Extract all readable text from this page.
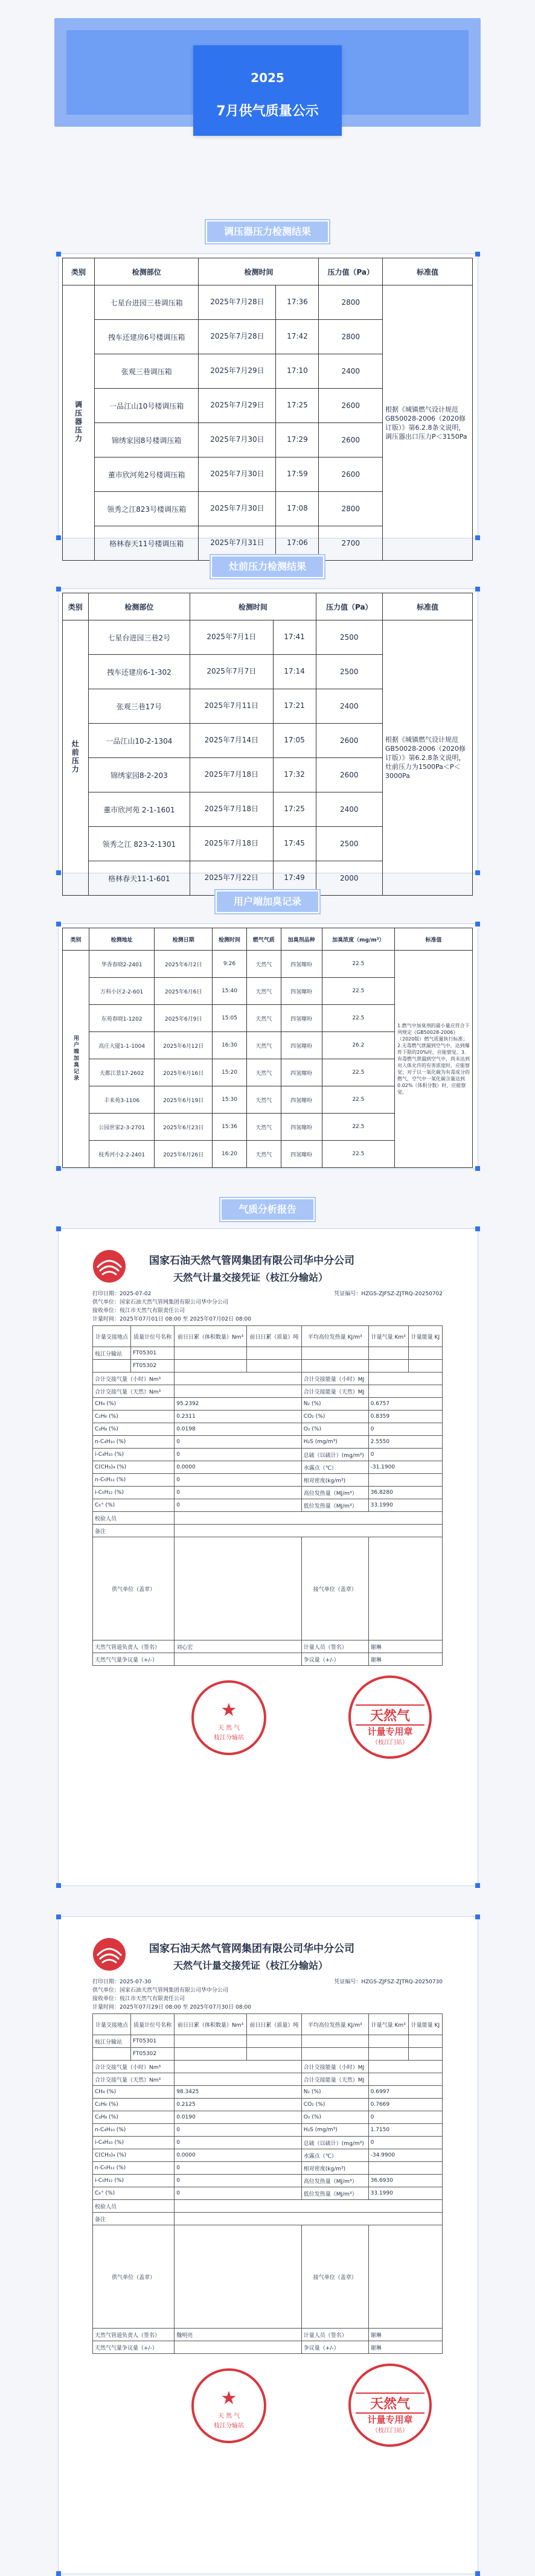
2025
7月供气质量公示
调压器压力检测结果
类别	检测部位	检测时间	压力值（Pa）	标准值
调压器压力	七星台进园三巷调压箱	2025年7月28日 17:36	2800	根据《城镇燃气设计规范GB50028-2006（2020修订版）》第6.2.8条文说明，调压器出口压力P＜3150Pa
	拽车还建房6号楼调压箱	2025年7月28日 17:42	2800	
	张观三巷调压箱	2025年7月29日 17:10	2400	
	一品江山10号楼调压箱	2025年7月29日 17:25	2600	
	锦绣家园8号楼调压箱	2025年7月30日 17:29	2600	
	董市欣河苑2号楼调压箱	2025年7月30日 17:59	2600	
	领秀之江823号楼调压箱	2025年7月30日 17:08	2800	
	格林春天11号楼调压箱	2025年7月31日 17:06	2700	
灶前压力检测结果
类别	检测部位	检测时间	压力值（Pa）	标准值
灶前压力	七星台进园三巷2号	2025年7月1日 17:41	2500	根据《城镇燃气设计规范GB50028-2006（2020修订版）》第6.2.8条文说明，灶前压力为1500Pa＜P＜3000Pa
	拽车还建房6-1-302	2025年7月7日 17:14	2500	
	张观三巷17号	2025年7月11日 17:21	2400	
	一品江山10-2-1304	2025年7月14日 17:05	2600	
	锦绣家园8-2-203	2025年7月18日 17:32	2600	
	董市欣河苑 2-1-1601	2025年7月18日 17:25	2400	
	领秀之江 823-2-1301	2025年7月18日 17:45	2500	
	格林春天11-1-601	2025年7月22日 17:49	2000	
用户端加臭记录
类别	检测地址	检测日期	检测时间	燃气气质	加臭剂品种	加臭浓度（mg/m³）	标准值
用户端加臭记录	华香春晓2-2401	2025年6月2日	9:26	天然气	四氢噻吩	22.5	1.燃气中加臭剂的最小量应符合下列规定《GB50028-2006》（2020版）燃气质量执行标准；2.无毒燃气泄漏到空气中，达到爆炸下限的20%时，应能察觉。3.有毒燃气泄漏到空气中，尚未达到对人体允许的有害浓度时，应能察觉；对于以一氧化碳为有毒成分的燃气，空气中一氧化碳含量达到0.02%（体积分数）时，应能察觉。
	万科小区2-2-601	2025年6月6日	15:40	天然气	四氢噻吩	22.5	
	东苑春晓1-1202	2025年6月9日	15:05	天然气	四氢噻吩	22.5	
	高庄大厦1-1-1004	2025年6月12日	16:30	天然气	四氢噻吩	26.2	
	天都江景17-2602	2025年6月16日	15:20	天然气	四氢噻吩	22.5	
	丰来苑3-1106	2025年6月19日	15:30	天然气	四氢噻吩	22.5	
	公园世家2-3-2701	2025年6月23日	15:36	天然气	四氢噻吩	22.5	
	枝秀河小2-2-2401	2025年6月26日	16:20	天然气	四氢噻吩	22.5	
气质分析报告
国家石油天然气管网集团有限公司华中分公司
天然气计量交接凭证（枝江分输站）
打印日期：2025-07-02	凭证编号：HZGS-ZJFSZ-ZJTRQ-20250702
供气单位：国家石油天然气管网集团有限公司华中分公司
接收单位：枝江市天然气有限责任公司
计量时间：2025年07月01日 08:00 至 2025年07月02日 08:00
计量交接地点	质量计位号名称	前日日累（体积数量）Nm³	前日日累（质量）吨	平均高位发热量 KJ/m³	计量气量 Km³	计量能量 KJ
枝江分输站	FT05301					
	FT05302					
合计交接气量（小时）Nm³				合计交接能量（小时）MJ		
合计交接气量（天然）Nm³				合计交接能量（天然）MJ		
CH₄ (%)		95.2392		N₂ (%)	0.6757	
C₂H₆ (%)		0.2311		CO₂ (%)	0.8359	
C₃H₈ (%)		0.0198		O₂ (%)	0	
n-C₄H₁₀ (%)		0		H₂S (mg/m³)	2.5550	
i-C₄H₁₀ (%)		0		总硫（以硫计）(mg/m³)	0	
C(CH₃)₄ (%)		0.0000		水露点（℃）	-31.1900	
n-C₅H₁₂ (%)		0		相对密度(kg/m³)		
i-C₅H₁₂ (%)		0		高位发热量（MJ/m³）	36.8280	
C₆⁺ (%)		0		低位发热量（MJ/m³）	33.1990	
校验人员						
备注						
供气单位（盖章）				接气单位（盖章）		
天然气管道负责人（签名）		刘心宏		计量人员（签名）	谢琳	
天然气气量争议量（+/-）				争议量（+/-）	谢琳	
★
天 然 气
枝江分输站
天然气
计量专用章
（枝江门站）
国家石油天然气管网集团有限公司华中分公司
天然气计量交接凭证（枝江分输站）
打印日期：2025-07-30	凭证编号：HZGS-ZJFSZ-ZJTRQ-20250730
供气单位：国家石油天然气管网集团有限公司华中分公司
接收单位：枝江市天然气有限责任公司
计量时间：2025年07月29日 08:00 至 2025年07月30日 08:00
计量交接地点	质量计位号名称	前日日累（体积数量）Nm³	前日日累（质量）吨	平均高位发热量 KJ/m³	计量气量 Km³	计量能量 KJ
枝江分输站	FT05301					
	FT05302					
合计交接气量（小时）Nm³				合计交接能量（小时）MJ		
合计交接气量（天然）Nm³				合计交接能量（天然）MJ		
CH₄ (%)		98.3425		N₂ (%)	0.6997	
C₂H₆ (%)		0.2125		CO₂ (%)	0.7669	
C₃H₈ (%)		0.0190		O₂ (%)	0	
n-C₄H₁₀ (%)		0		H₂S (mg/m³)	1.7150	
i-C₄H₁₀ (%)		0		总硫（以硫计）(mg/m³)	0	
C(CH₃)₄ (%)		0.0000		水露点（℃）	-34.9900	
n-C₅H₁₂ (%)		0		相对密度(kg/m³)		
i-C₅H₁₂ (%)		0		高位发热量（MJ/m³）	36.6930	
C₆⁺ (%)		0		低位发热量（MJ/m³）	33.1990	
校验人员						
备注						
供气单位（盖章）				接气单位（盖章）		
天然气管道负责人（签名）		魏明亮		计量人员（签名）	谢琳	
天然气气量争议量（+/-）				争议量（+/-）	谢琳	
★
天 然 气
枝江分输站
天然气
计量专用章
（枝江门站）
